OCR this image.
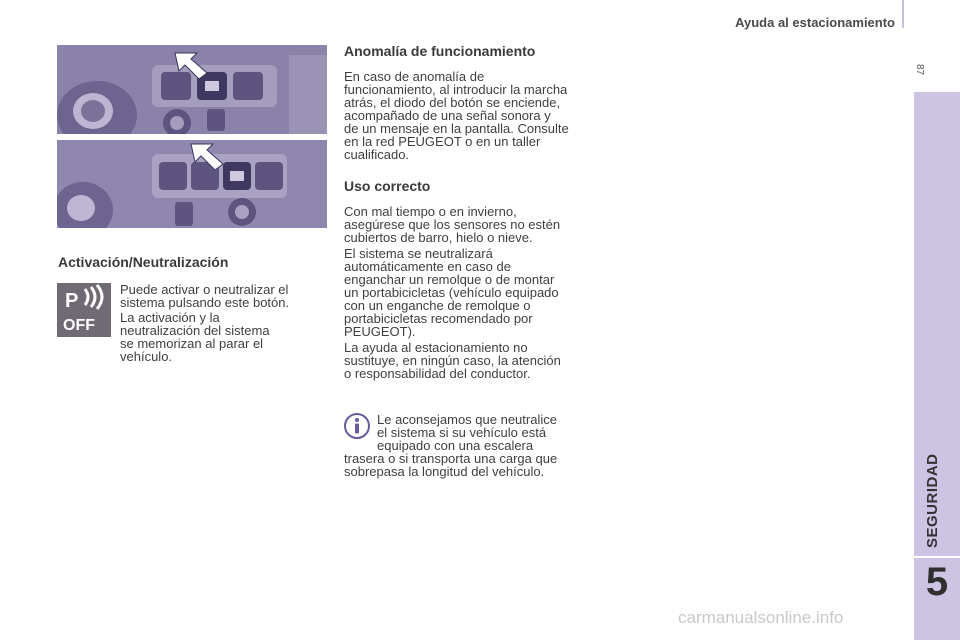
Ayuda al estacionamiento
87
SEGURIDAD
5
Activación/Neutralización
P
OFF

Puede activar o neutralizar el
sistema pulsando este botón.

La activación y la
neutralización del sistema
se memorizan al parar el
vehículo.

Anomalía de funcionamiento

En caso de anomalía de
funcionamiento, al introducir la marcha
atrás, el diodo del botón se enciende,
acompañado de una señal sonora y
de un mensaje en la pantalla. Consulte
en la red PEUGEOT o en un taller
cualificado.

Uso correcto

Con mal tiempo o en invierno,
asegúrese que los sensores no estén
cubiertos de barro, hielo o nieve.

El sistema se neutralizará
automáticamente en caso de
enganchar un remolque o de montar
un portabicicletas (vehículo equipado
con un enganche de remolque o
portabicicletas recomendado por
PEUGEOT).

La ayuda al estacionamiento no
sustituye, en ningún caso, la atención
o responsabilidad del conductor.

Le aconsejamos que neutralice
el sistema si su vehículo está
equipado con una escalera

trasera o si transporta una carga que
sobrepasa la longitud del vehículo.

carmanualsonline.info
